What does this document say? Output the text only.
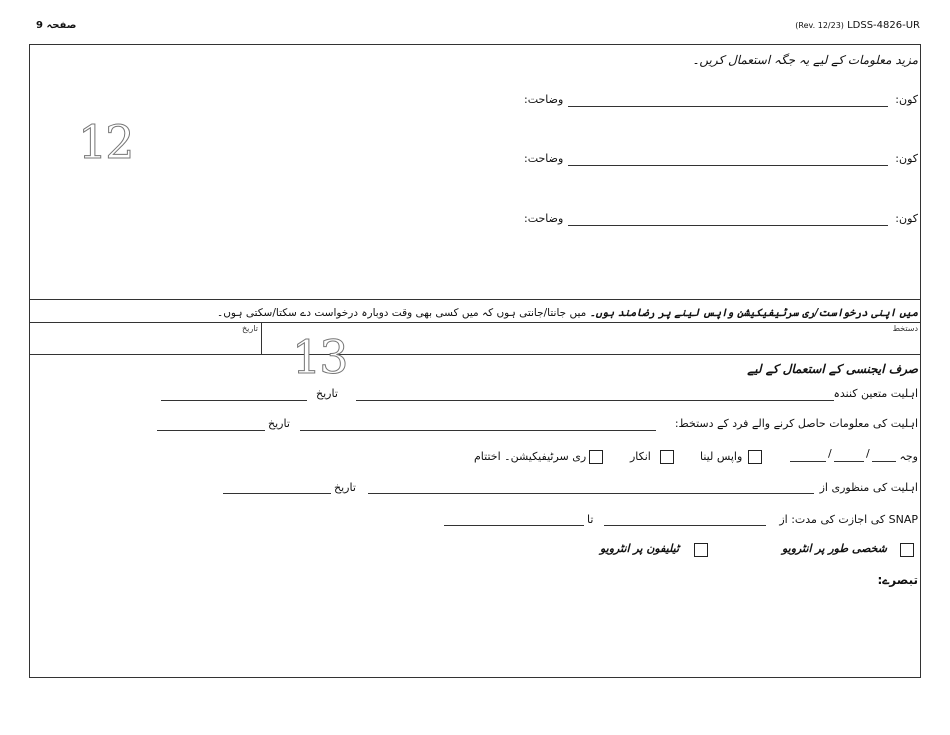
صفحہ 9	(Rev. 12/23) LDSS-4826-UR
مزید معلومات کے لیے یہ جگہ استعمال کریں۔
کون:
وضاحت:
کون:
وضاحت:
کون:
وضاحت:
12
میں اپنی درخواست/ری سرٹیفیکیشن واپس لینے پر رضامند ہوں۔ میں جانتا/جانتی ہوں کہ میں کسی بھی وقت دوبارہ درخواست دے سکتا/سکتی ہوں۔
دستخط
تاریخ
13	صرف ایجنسی کے استعمال کے لیے
اہلیت متعین کنندہ
تاریخ
اہلیت کی معلومات حاصل کرنے والے فرد کے دستخط:
تاریخ
وجہ
/
/
واپس لینا
انکار
ری سرٹیفیکیشن۔ اختتام
اہلیت کی منظوری از
تاریخ
SNAP کی اجازت کی مدت: از
تا
شخصی طور پر انٹرویو
ٹیلیفون پر انٹرویو
تبصرے:
